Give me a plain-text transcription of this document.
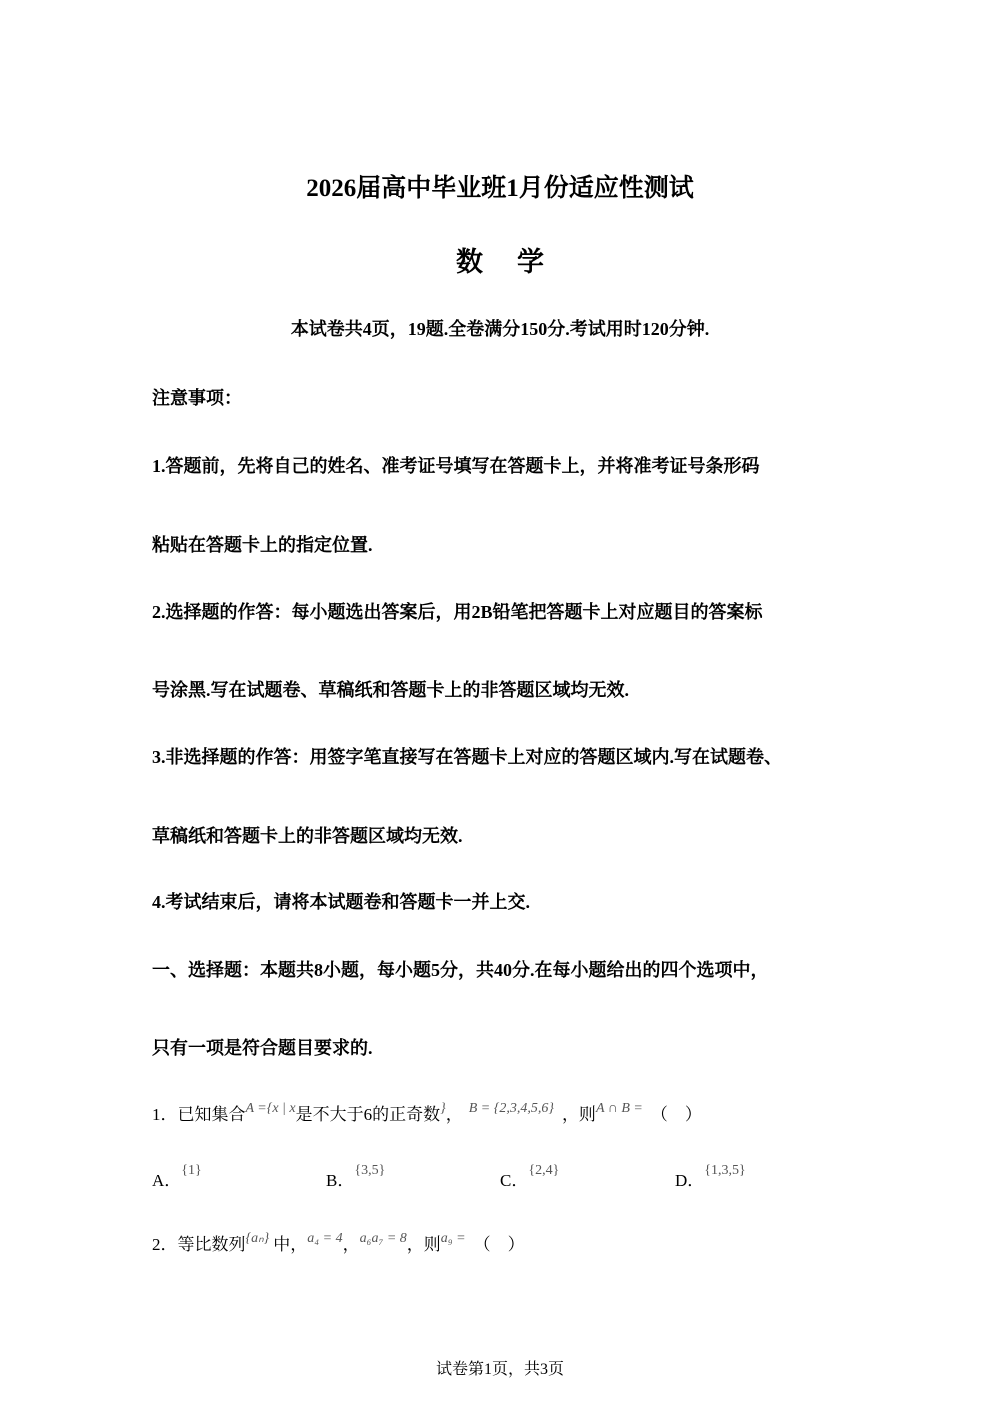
2026届高中毕业班1月份适应性测试
数学
本试卷共4页，19题.全卷满分150分.考试用时120分钟.
注意事项：
1.答题前，先将自己的姓名、准考证号填写在答题卡上，并将准考证号条形码
粘贴在答题卡上的指定位置.
2.选择题的作答：每小题选出答案后，用2B铅笔把答题卡上对应题目的答案标
号涂黑.写在试题卷、草稿纸和答题卡上的非答题区域均无效.
3.非选择题的作答：用签字笔直接写在答题卡上对应的答题区域内.写在试题卷、
草稿纸和答题卡上的非答题区域均无效.
4.考试结束后，请将本试题卷和答题卡一并上交.
一、选择题：本题共8小题，每小题5分，共40分.在每小题给出的四个选项中，
只有一项是符合题目要求的.
1．已知集合$^{A =\{x | x}$是不大于6的正奇数}， $^{B = \{2,3,4,5,6\}}$ ，则$^{A \cap B =}$ （　）
A．$^{\{1\}}$
B．$^{\{3,5\}}$
C．$^{\{2,4\}}$
D．$^{\{1,3,5\}}$
2．等比数列$^{\{a_n\}}$ 中，$^{a_4 = 4}$，$^{a_6a_7 = 8}$，则$^{a_9 =}$ （　）
试卷第1页，共3页
